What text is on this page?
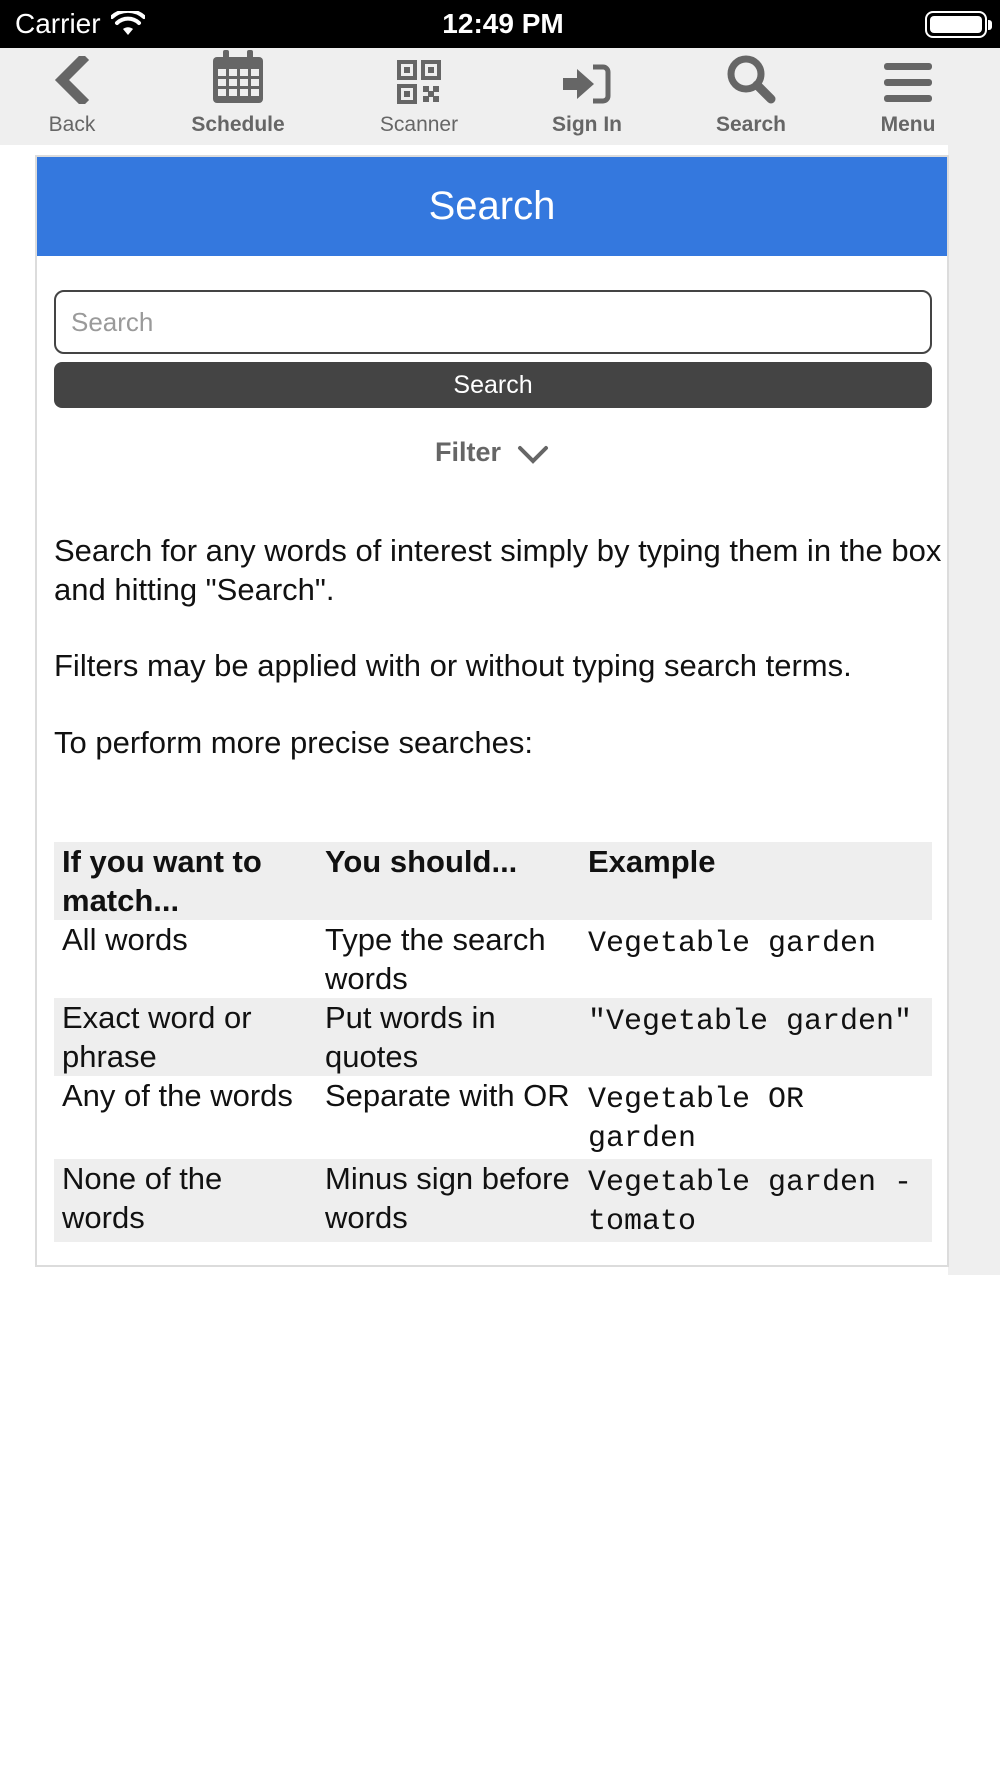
Carrier	12:49 PM
Back	Schedule	Scanner	Sign In	Search	Menu
Search
Search
Search
Filter

Search for any words of interest simply by typing them in the box and hitting "Search".

Filters may be applied with or without typing search terms.

To perform more precise searches:

If you want to match...	You should...	Example
All words	Type the search words	Vegetable garden
Exact word or phrase	Put words in quotes	"Vegetable garden"
Any of the words	Separate with OR	Vegetable OR garden
None of the words	Minus sign before words	Vegetable garden -tomato
